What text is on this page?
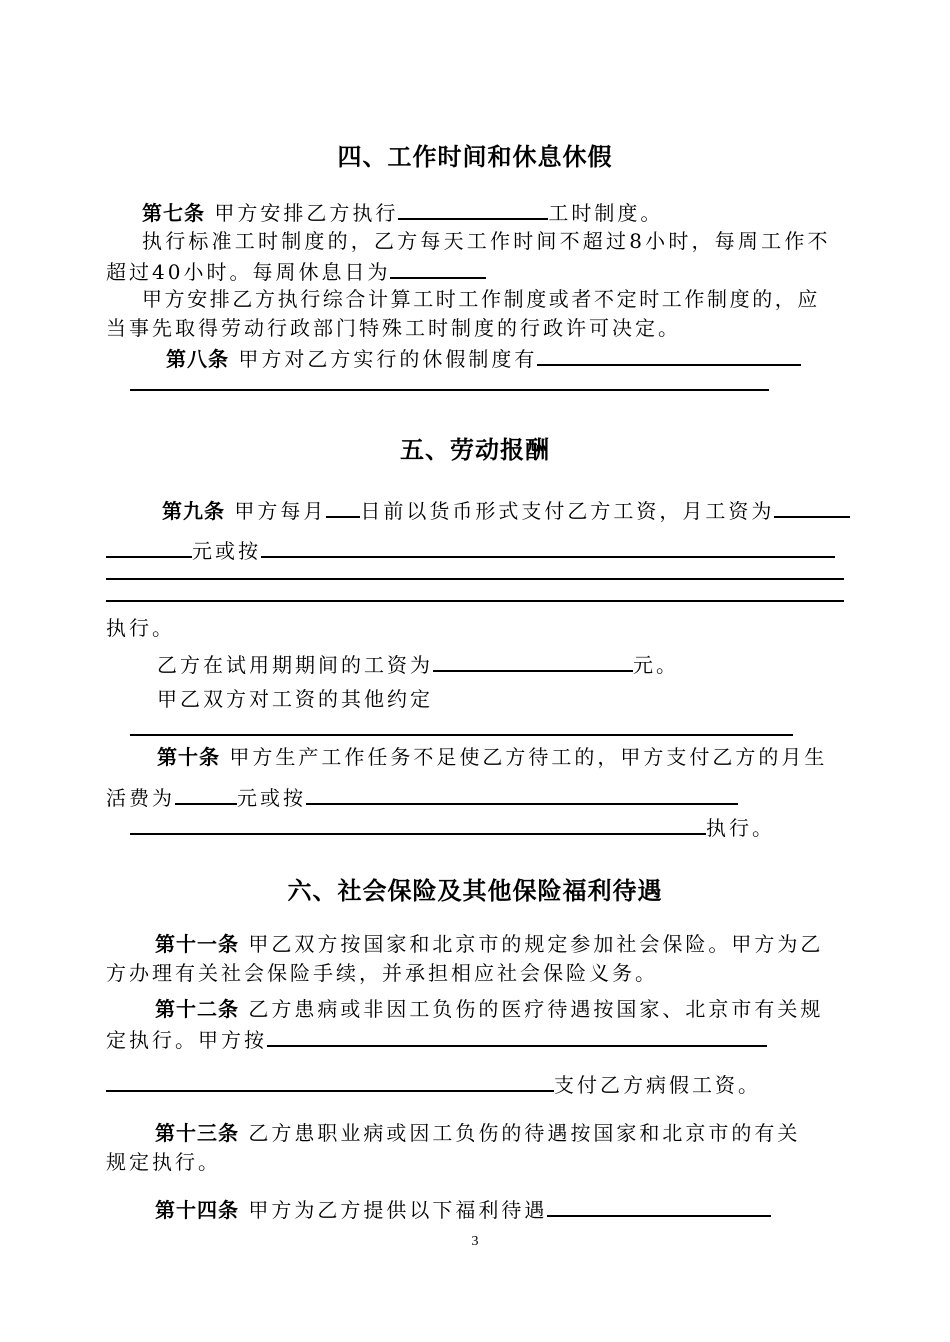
四、工作时间和休息休假
第七条 甲方安排乙方执行	工时制度。
执行标准工时制度的，乙方每天工作时间不超过8小时，每周工作不
超过40小时。每周休息日为
甲方安排乙方执行综合计算工时工作制度或者不定时工作制度的，应
当事先取得劳动行政部门特殊工时制度的行政许可决定。
第八条 甲方对乙方实行的休假制度有
五、劳动报酬
第九条 甲方每月 日前以货币形式支付乙方工资，月工资为
元或按
执行。
乙方在试用期期间的工资为	元。
甲乙双方对工资的其他约定
第十条 甲方生产工作任务不足使乙方待工的，甲方支付乙方的月生
活费为	元或按
执行。
六、社会保险及其他保险福利待遇
第十一条 甲乙双方按国家和北京市的规定参加社会保险。甲方为乙
方办理有关社会保险手续，并承担相应社会保险义务。
第十二条 乙方患病或非因工负伤的医疗待遇按国家、北京市有关规
定执行。甲方按
支付乙方病假工资。
第十三条 乙方患职业病或因工负伤的待遇按国家和北京市的有关
规定执行。
第十四条 甲方为乙方提供以下福利待遇
3
